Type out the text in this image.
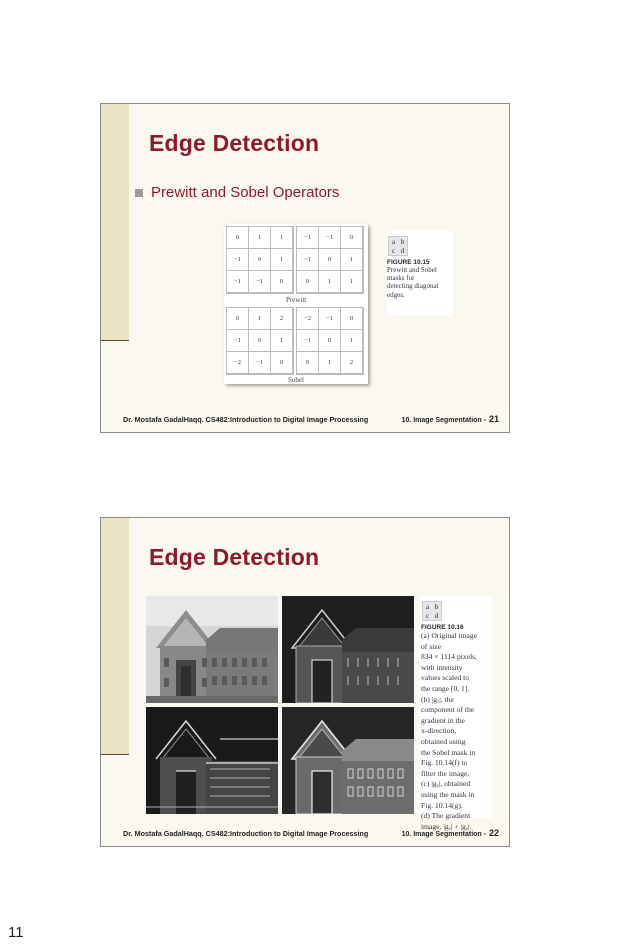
Edge Detection
Prewitt and Sobel Operators
0	1	1
−1	0	1
−1	−1	0
−1	−1	0
−1	0	1
0	1	1
Prewitt
0	1	2
−1	0	1
−2	−1	0
−2	−1	0
−1	0	1
0	1	2
Sobel
a b
c d
FIGURE 10.15
Prewitt and Sobel
masks for
detecting diagonal
edges.
Dr. Mostafa GadalHaqq. CS482:Introduction to Digital Image Processing	10. Image Segmentation - 21
Edge Detection
a b
c d
FIGURE 10.16
(a) Original image
of size
834 × 1114 pixels,
with intensity
values scaled to
the range [0, 1].
(b) |gₓ|, the
component of the
gradient in the
x-direction,
obtained using
the Sobel mask in
Fig. 10.14(f) to
filter the image.
(c) |gᵧ|, obtained
using the mask in
Fig. 10.14(g).
(d) The gradient
image, |gₓ| + |gᵧ|.
Dr. Mostafa GadalHaqq. CS482:Introduction to Digital Image Processing	10. Image Segmentation - 22
11
